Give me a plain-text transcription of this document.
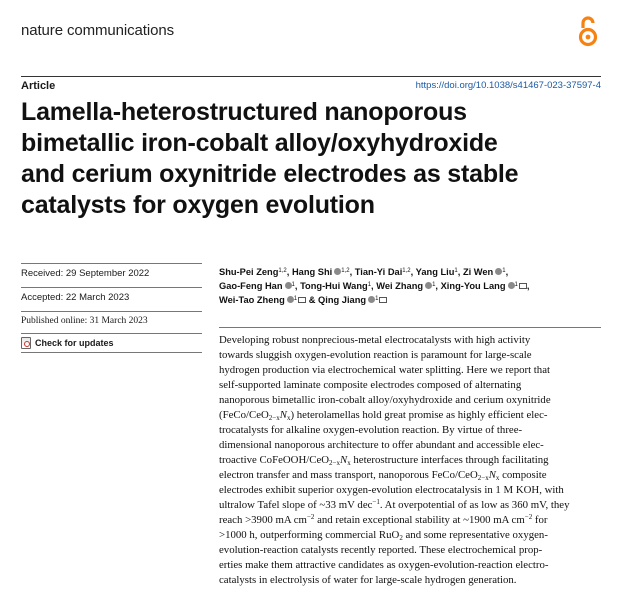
nature communications
Article	https://doi.org/10.1038/s41467-023-37597-4
Lamella-heterostructured nanoporous
bimetallic iron-cobalt alloy/oxyhydroxide
and cerium oxynitride electrodes as stable
catalysts for oxygen evolution
Received: 29 September 2022
Accepted: 22 March 2023
Published online: 31 March 2023
Check for updates
Shu-Pei Zeng$^{1,2}$, Hang Shi $^{1,2}$, Tian-Yi Dai$^{1,2}$, Yang Liu$^1$, Zi Wen $^1$,
Gao-Feng Han $^1$, Tong-Hui Wang$^1$, Wei Zhang $^1$, Xing-You Lang $^1$ ,
Wei-Tao Zheng $^1$ & Qing Jiang $^1$
Developing robust nonprecious-metal electrocatalysts with high activity
towards sluggish oxygen-evolution reaction is paramount for large-scale
hydrogen production via electrochemical water splitting. Here we report that
self-supported laminate composite electrodes composed of alternating
nanoporous bimetallic iron-cobalt alloy/oxyhydroxide and cerium oxynitride
$(FeCo/CeO_{2-x}N_x)$ heterolamellas hold great promise as highly efficient elec-
trocatalysts for alkaline oxygen-evolution reaction. By virtue of three-
dimensional nanoporous architecture to offer abundant and accessible elec-
troactive CoFeOOH/$CeO_{2-x}N_x$ heterostructure interfaces through facilitating
electron transfer and mass transport, nanoporous FeCo/$CeO_{2-x}N_x$ composite
electrodes exhibit superior oxygen-evolution electrocatalysis in 1 M KOH, with
ultralow Tafel slope of ~33 mV dec$^{-1}$. At overpotential of as low as 360 mV, they
reach >3900 mA $cm^{-2}$ and retain exceptional stability at ~1900 mA $cm^{-2}$ for
>1000 h, outperforming commercial RuO$_2$ and some representative oxygen-
evolution-reaction catalysts recently reported. These electrochemical prop-
erties make them attractive candidates as oxygen-evolution-reaction electro-
catalysts in electrolysis of water for large-scale hydrogen generation.
